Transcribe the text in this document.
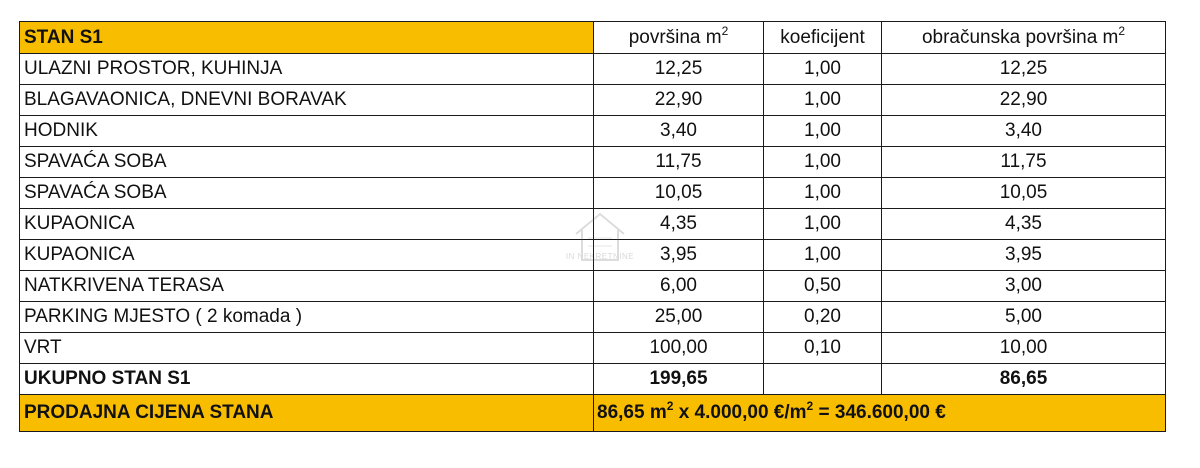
STAN S1	površina $m^2$	koeficijent	obračunska površina $m^2$
ULAZNI PROSTOR, KUHINJA	12,25	1,00	12,25
BLAGAVAONICA, DNEVNI BORAVAK	22,90	1,00	22,90
HODNIK	3,40	1,00	3,40
SPAVAĆA SOBA	11,75	1,00	11,75
SPAVAĆA SOBA	10,05	1,00	10,05
KUPAONICA	4,35	1,00	4,35
KUPAONICA	3,95	1,00	3,95
NATKRIVENA TERASA	6,00	0,50	3,00
PARKING MJESTO ( 2 komada )	25,00	0,20	5,00
VRT	100,00	0,10	10,00
UKUPNO STAN S1	199,65		86,65
PRODAJNA CIJENA STANA	86,65 $m^2$ x 4.000,00 $€/m^2 = 346.600,00$ €		
IN NEKRETNINE
